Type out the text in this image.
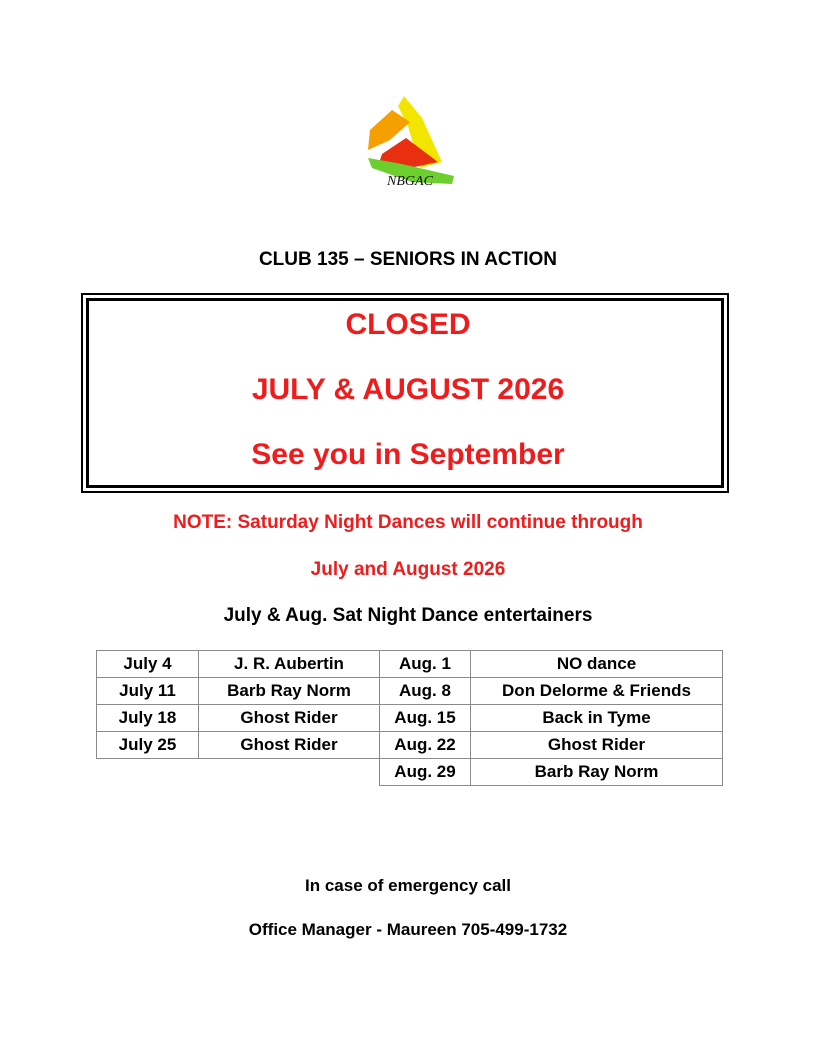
NBGAC
CLUB 135 – SENIORS IN ACTION
CLOSED
JULY & AUGUST 2026
See you in September
NOTE: Saturday Night Dances will continue through
July and August 2026
July & Aug. Sat Night Dance entertainers
July 4	J. R. Aubertin	Aug. 1	NO dance
July 11	Barb Ray Norm	Aug. 8	Don Delorme & Friends
July 18	Ghost Rider	Aug. 15	Back in Tyme
July 25	Ghost Rider	Aug. 22	Ghost Rider
		Aug. 29	Barb Ray Norm
In case of emergency call
Office Manager - Maureen 705-499-1732
